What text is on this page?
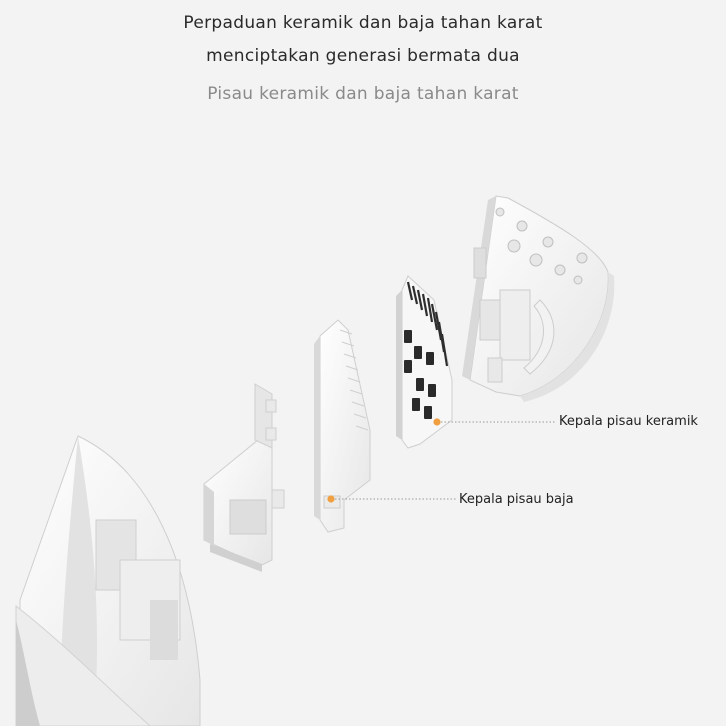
Perpaduan keramik dan baja tahan karat
menciptakan generasi bermata dua
Pisau keramik dan baja tahan karat
Kepala pisau keramik
Kepala pisau baja
